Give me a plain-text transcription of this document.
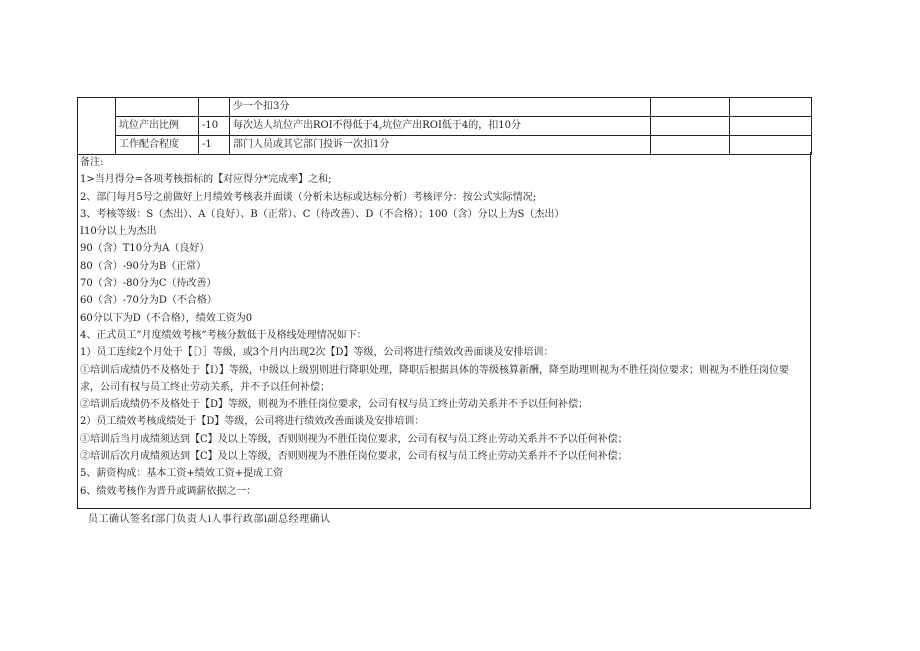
			少一个扣3分		
	坑位产出比例	-10	每次达人坑位产出ROI不得低于4,坑位产出ROI低于4的，扣10分		
	工作配合程度	-1	部门人员或其它部门投诉一次扣1分		
备注:
1>当月得分=各项考核指标的【对应得分*完成率】之和;
2、部门每月5号之前做好上月绩效考核表并面谈（分析未达标或达标分析）考核评分：按公式实际情况;
3、考核等级：S（杰出）、A（良好）、B（正常）、C（待改善）、D（不合格）；100（含）分以上为S（杰出）
I10分以上为杰出
90（含）T10分为A（良好）
80（含）-90分为B（正常）
70（含）-80分为C（待改善）
60（含）-70分为D（不合格）
60分以下为D（不合格），绩效工资为0
4、正式员工”月度绩效考核”考核分数低于及格线处理情况如下：
1）员工连续2个月处于【［）］等级，或3个月内出现2次【D】等级，公司将进行绩效改善面谈及安排培训：
①培训后成绩仍不及格处于【I）】等级，中级以上级别则进行降职处理，降职后根据具体的等级核算新酬，降至助理则视为不胜任岗位要求；则视为不胜任岗位要求，公司有权与员工终止劳动关系，并不予以任何补偿；
②培训后成绩仍不及格处于【D】等级，则视为不胜任岗位要求，公司有权与员工终止劳动关系并不予以任何补偿；
2）员工绩效考核成绩处于【D】等级，公司将进行绩效改善面谈及安排培训：
①培训后当月成绩须达到【C】及以上等级，否则则视为不胜任岗位要求，公司有权与员工终止劳动关系并不予以任何补偿；
②培训后次月成绩须达到【C】及以上等级，否则则视为不胜任岗位要求，公司有权与员工终止劳动关系并不予以任何补偿；
5、薪资构成：基本工资+绩效工资+提成工资
6、绩效考核作为晋升或调薪依据之一：
员工确认签名f部门负责人i人事行政部i副总经理确认
